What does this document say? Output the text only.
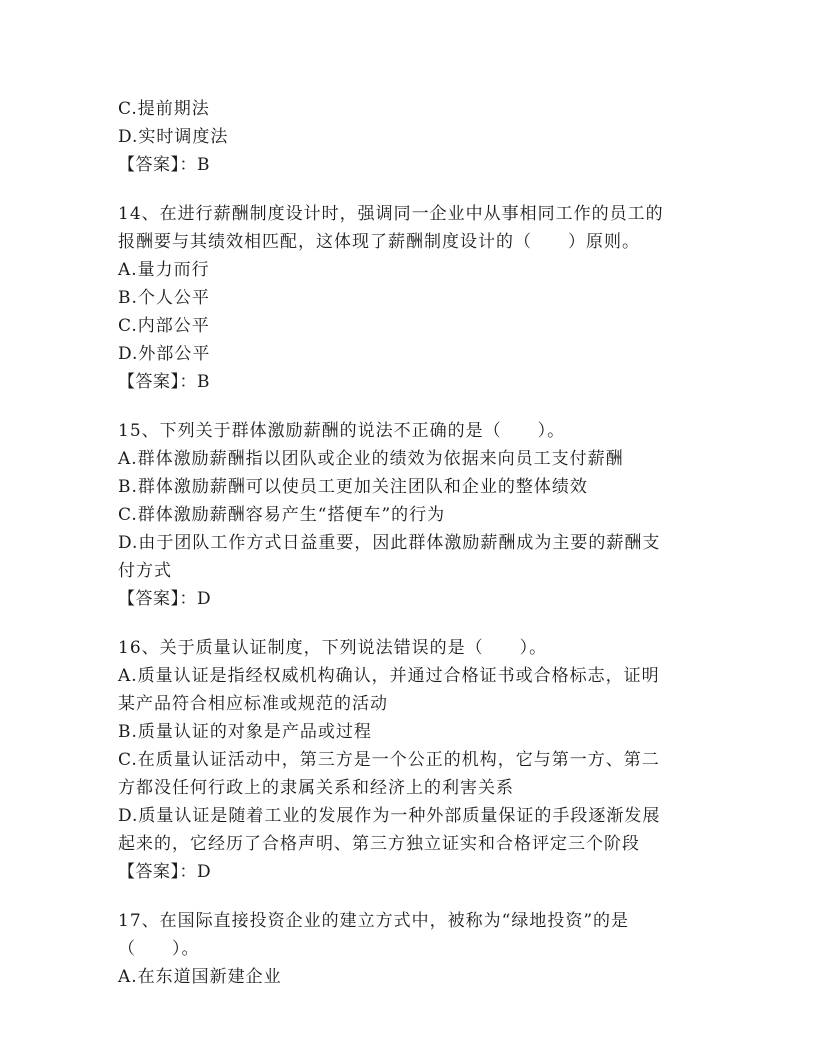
C.提前期法
D.实时调度法
【答案】：B
14、在进行薪酬制度设计时，强调同一企业中从事相同工作的员工的
报酬要与其绩效相匹配，这体现了薪酬制度设计的（　　）原则。
A.量力而行
B.个人公平
C.内部公平
D.外部公平
【答案】：B
15、下列关于群体激励薪酬的说法不正确的是（　　）。
A.群体激励薪酬指以团队或企业的绩效为依据来向员工支付薪酬
B.群体激励薪酬可以使员工更加关注团队和企业的整体绩效
C.群体激励薪酬容易产生“搭便车”的行为
D.由于团队工作方式日益重要，因此群体激励薪酬成为主要的薪酬支
付方式
【答案】：D
16、关于质量认证制度，下列说法错误的是（　　）。
A.质量认证是指经权威机构确认，并通过合格证书或合格标志，证明
某产品符合相应标准或规范的活动
B.质量认证的对象是产品或过程
C.在质量认证活动中，第三方是一个公正的机构，它与第一方、第二
方都没任何行政上的隶属关系和经济上的利害关系
D.质量认证是随着工业的发展作为一种外部质量保证的手段逐渐发展
起来的，它经历了合格声明、第三方独立证实和合格评定三个阶段
【答案】：D
17、在国际直接投资企业的建立方式中，被称为“绿地投资”的是
（　　）。
A.在东道国新建企业
